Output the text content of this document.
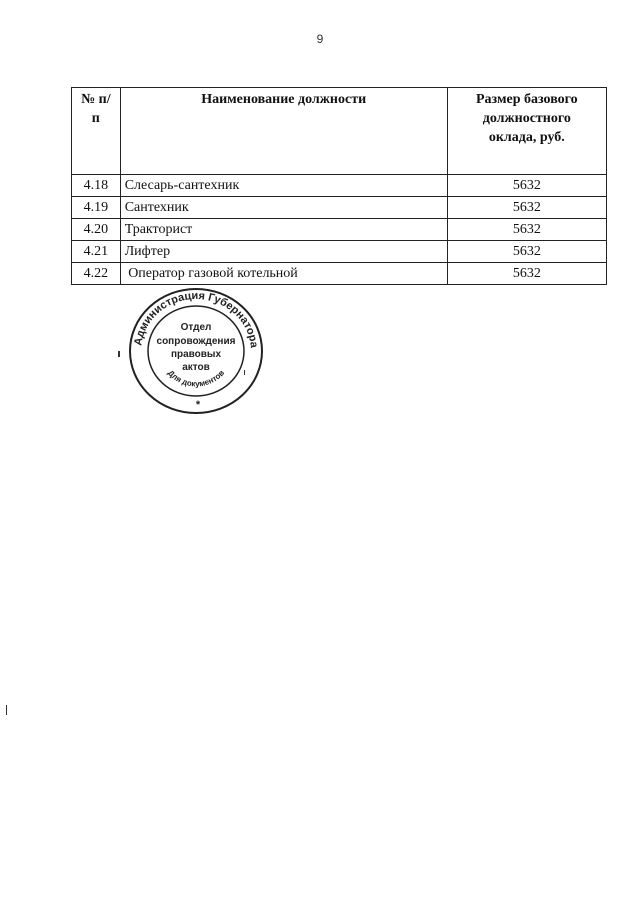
9
№ п/п	Наименование должности	Размер базового должностного оклада, руб.
4.18	Слесарь-сантехник	5632
4.19	Сантехник	5632
4.20	Тракторист	5632
4.21	Лифтер	5632
4.22	Оператор газовой котельной	5632
Администрация Губернатора
Для документов
Отдел
сопровождения
правовых
актов
*
